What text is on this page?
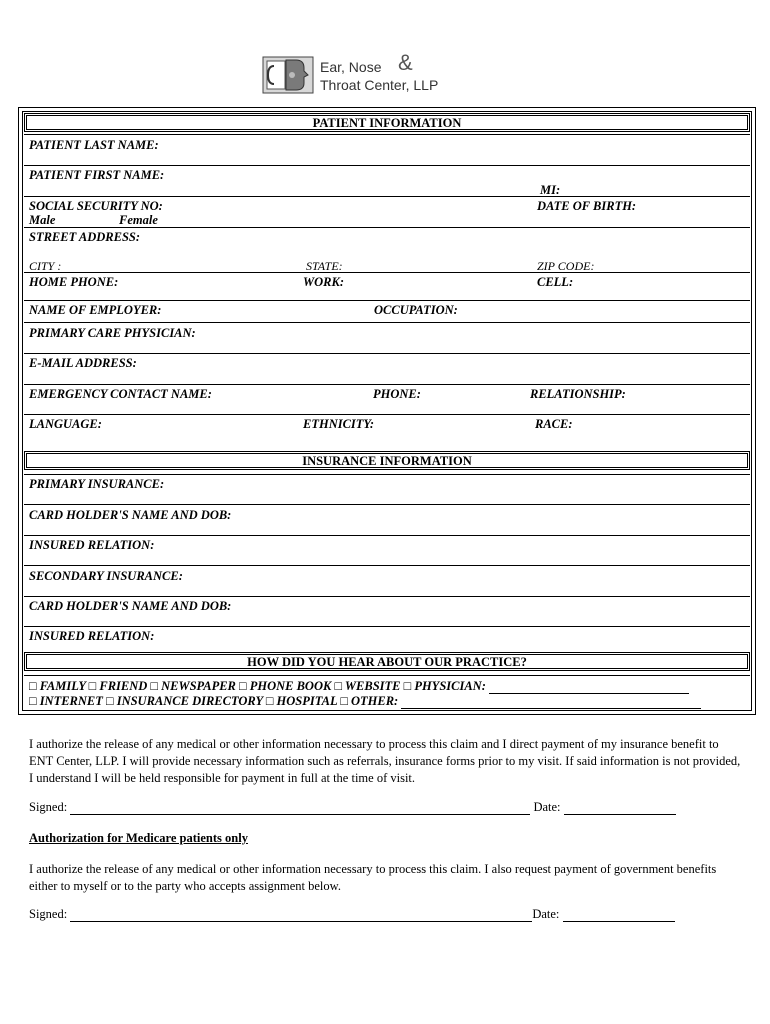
Ear, Nose &
Throat Center, LLP
PATIENT INFORMATION
PATIENT LAST NAME:
PATIENT FIRST NAME:
MI:
SOCIAL SECURITY NO:	DATE OF BIRTH:
Male	Female
STREET ADDRESS:
CITY :	STATE:	ZIP CODE:
HOME PHONE:	WORK:	CELL:
NAME OF EMPLOYER:	OCCUPATION:
PRIMARY CARE PHYSICIAN:
E-MAIL ADDRESS:
EMERGENCY CONTACT NAME:	PHONE:	RELATIONSHIP:
LANGUAGE:	ETHNICITY:	RACE:
INSURANCE INFORMATION
PRIMARY INSURANCE:
CARD HOLDER'S NAME AND DOB:
INSURED RELATION:
SECONDARY INSURANCE:
CARD HOLDER'S NAME AND DOB:
INSURED RELATION:
HOW DID YOU HEAR ABOUT OUR PRACTICE?
□ FAMILY □ FRIEND □ NEWSPAPER □ PHONE BOOK □ WEBSITE □ PHYSICIAN:
□ INTERNET □ INSURANCE DIRECTORY □ HOSPITAL □ OTHER:
I authorize the release of any medical or other information necessary to process this claim and I direct payment of my insurance benefit to ENT Center, LLP. I will provide necessary information such as referrals, insurance forms prior to my visit. If said information is not provided, I understand I will be held responsible for payment in full at the time of visit.
Signed:	Date:
Authorization for Medicare patients only
I authorize the release of any medical or other information necessary to process this claim. I also request payment of government benefits either to myself or to the party who accepts assignment below.
Signed:	Date:
